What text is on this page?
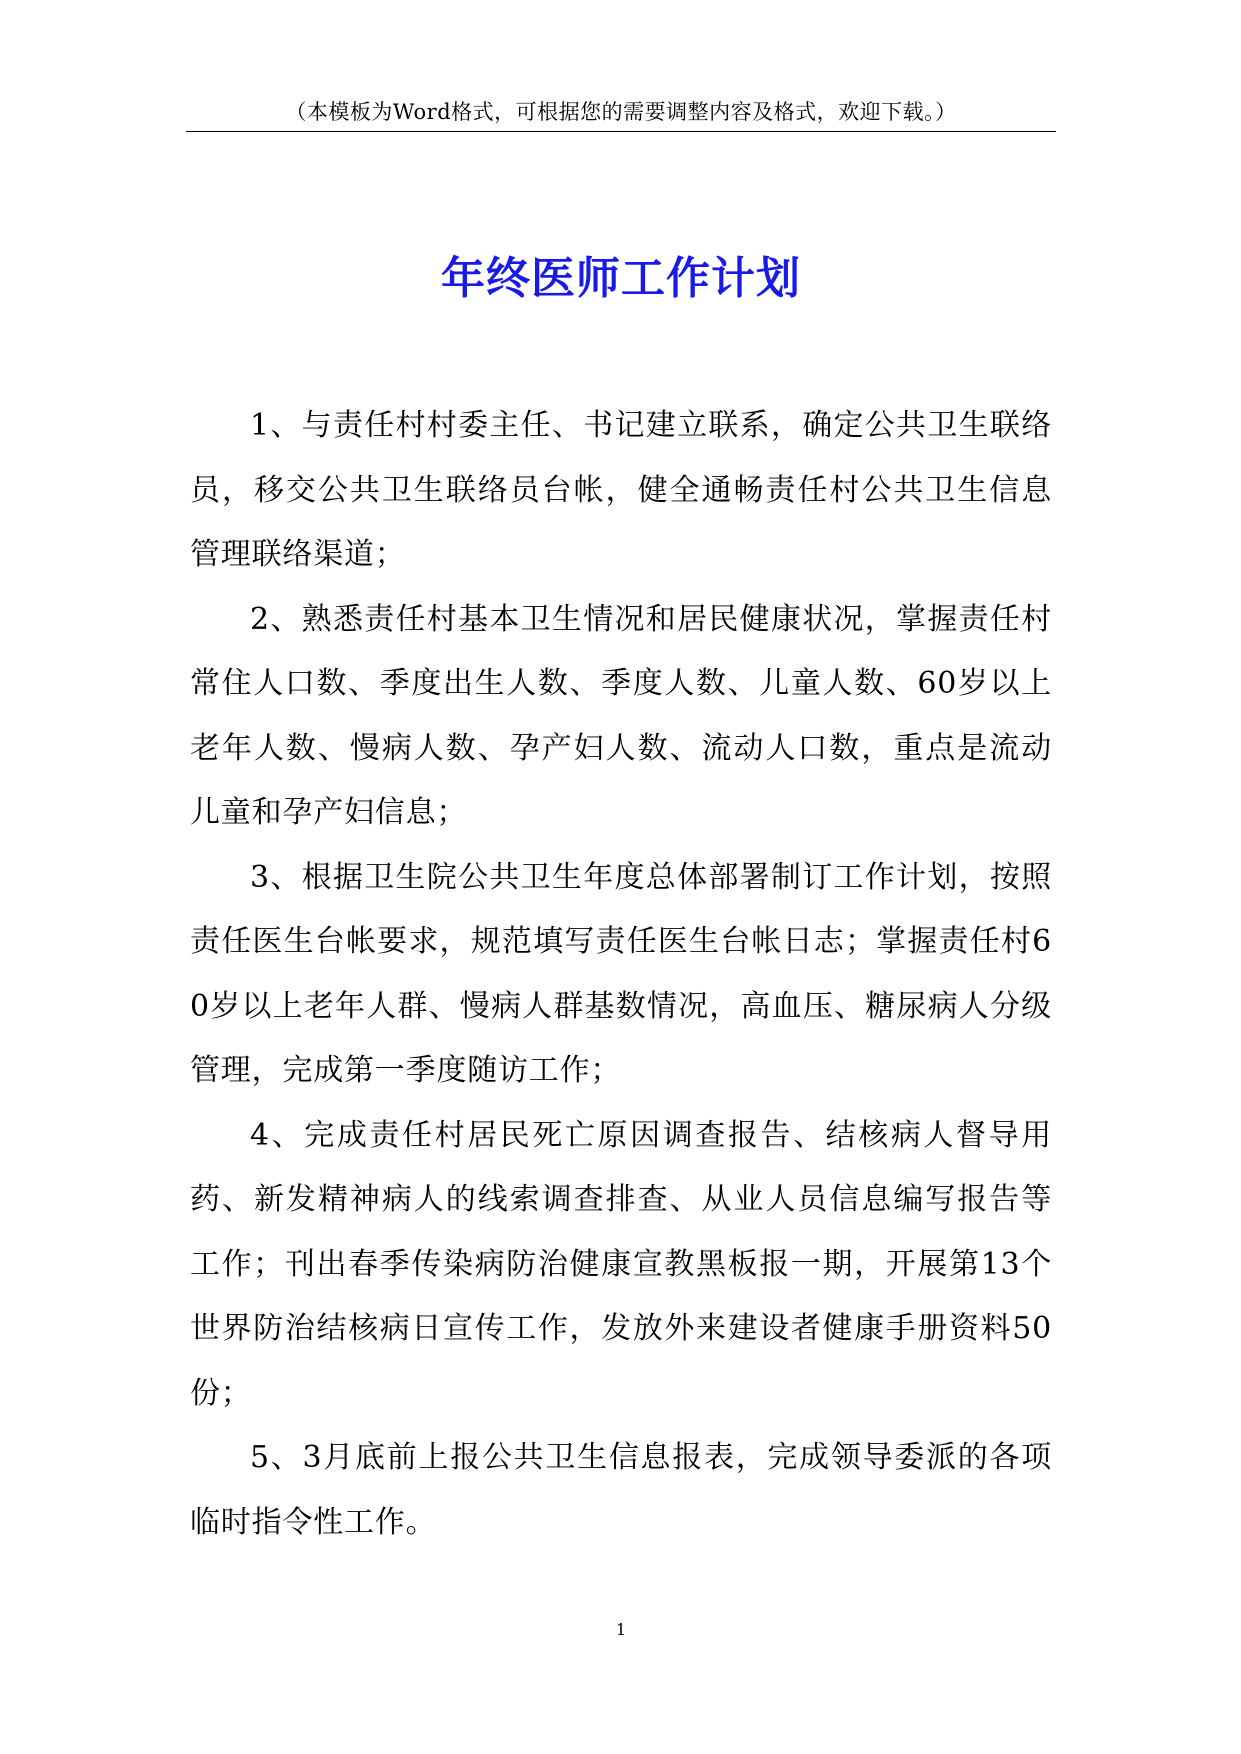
（本模板为Word格式，可根据您的需要调整内容及格式，欢迎下载。）
年终医师工作计划

1、与责任村村委主任、书记建立联系，确定公共卫生联络员，移交公共卫生联络员台帐，健全通畅责任村公共卫生信息管理联络渠道；

2、熟悉责任村基本卫生情况和居民健康状况，掌握责任村常住人口数、季度出生人数、季度人数、儿童人数、60岁以上老年人数、慢病人数、孕产妇人数、流动人口数，重点是流动儿童和孕产妇信息；

3、根据卫生院公共卫生年度总体部署制订工作计划，按照责任医生台帐要求，规范填写责任医生台帐日志；掌握责任村60岁以上老年人群、慢病人群基数情况，高血压、糖尿病人分级管理，完成第一季度随访工作；

4、完成责任村居民死亡原因调查报告、结核病人督导用药、新发精神病人的线索调查排查、从业人员信息编写报告等工作；刊出春季传染病防治健康宣教黑板报一期，开展第13个世界防治结核病日宣传工作，发放外来建设者健康手册资料50份；

5、3月底前上报公共卫生信息报表，完成领导委派的各项临时指令性工作。

1
